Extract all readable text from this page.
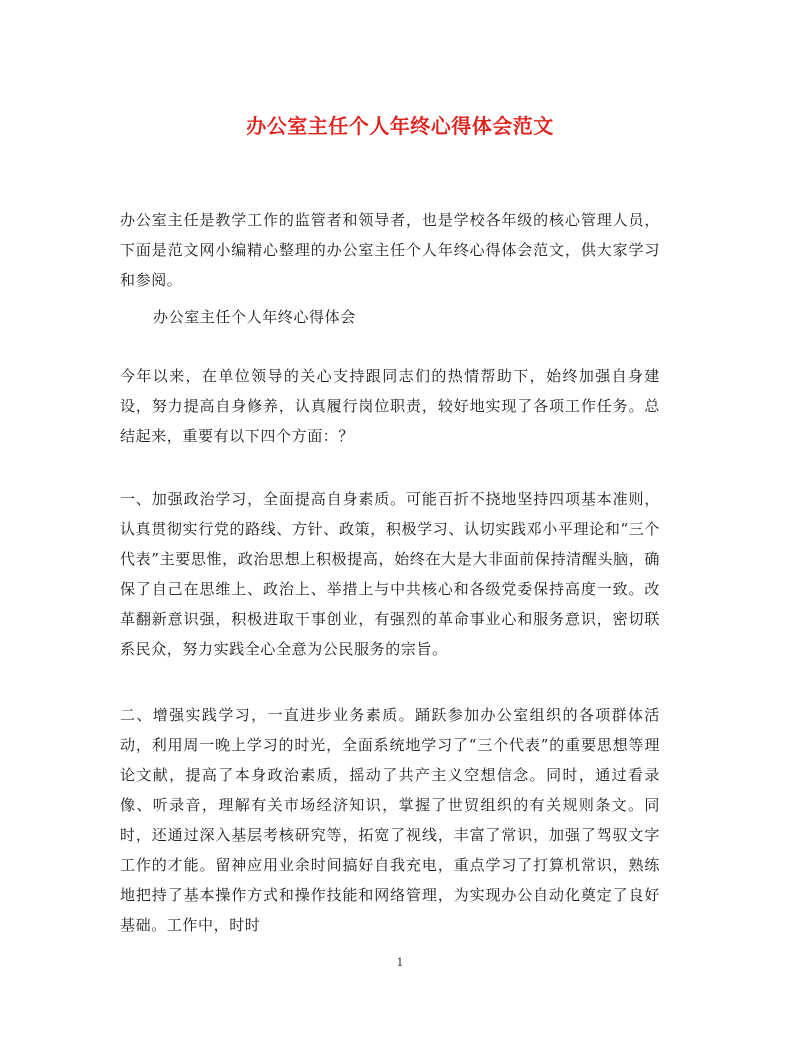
办公室主任个人年终心得体会范文

办公室主任是教学工作的监管者和领导者，也是学校各年级的核心管理人员，下面是范文网小编精心整理的办公室主任个人年终心得体会范文，供大家学习和参阅。

办公室主任个人年终心得体会

今年以来，在单位领导的关心支持跟同志们的热情帮助下，始终加强自身建设，努力提高自身修养，认真履行岗位职责，较好地实现了各项工作任务。总结起来，重要有以下四个方面：？

一、加强政治学习，全面提高自身素质。可能百折不挠地坚持四项基本准则，认真贯彻实行党的路线、方针、政策，积极学习、认切实践邓小平理论和“三个代表”主要思惟，政治思想上积极提高，始终在大是大非面前保持清醒头脑，确保了自己在思维上、政治上、举措上与中共核心和各级党委保持高度一致。改革翻新意识强，积极进取干事创业，有强烈的革命事业心和服务意识，密切联系民众，努力实践全心全意为公民服务的宗旨。

二、增强实践学习，一直进步业务素质。踊跃参加办公室组织的各项群体活动，利用周一晚上学习的时光，全面系统地学习了“三个代表”的重要思想等理论文献，提高了本身政治素质，摇动了共产主义空想信念。同时，通过看录像、听录音，理解有关市场经济知识，掌握了世贸组织的有关规则条文。同时，还通过深入基层考核研究等，拓宽了视线，丰富了常识，加强了驾驭文字工作的才能。留神应用业余时间搞好自我充电，重点学习了打算机常识，熟练地把持了基本操作方式和操作技能和网络管理，为实现办公自动化奠定了良好基础。工作中，时时

1
